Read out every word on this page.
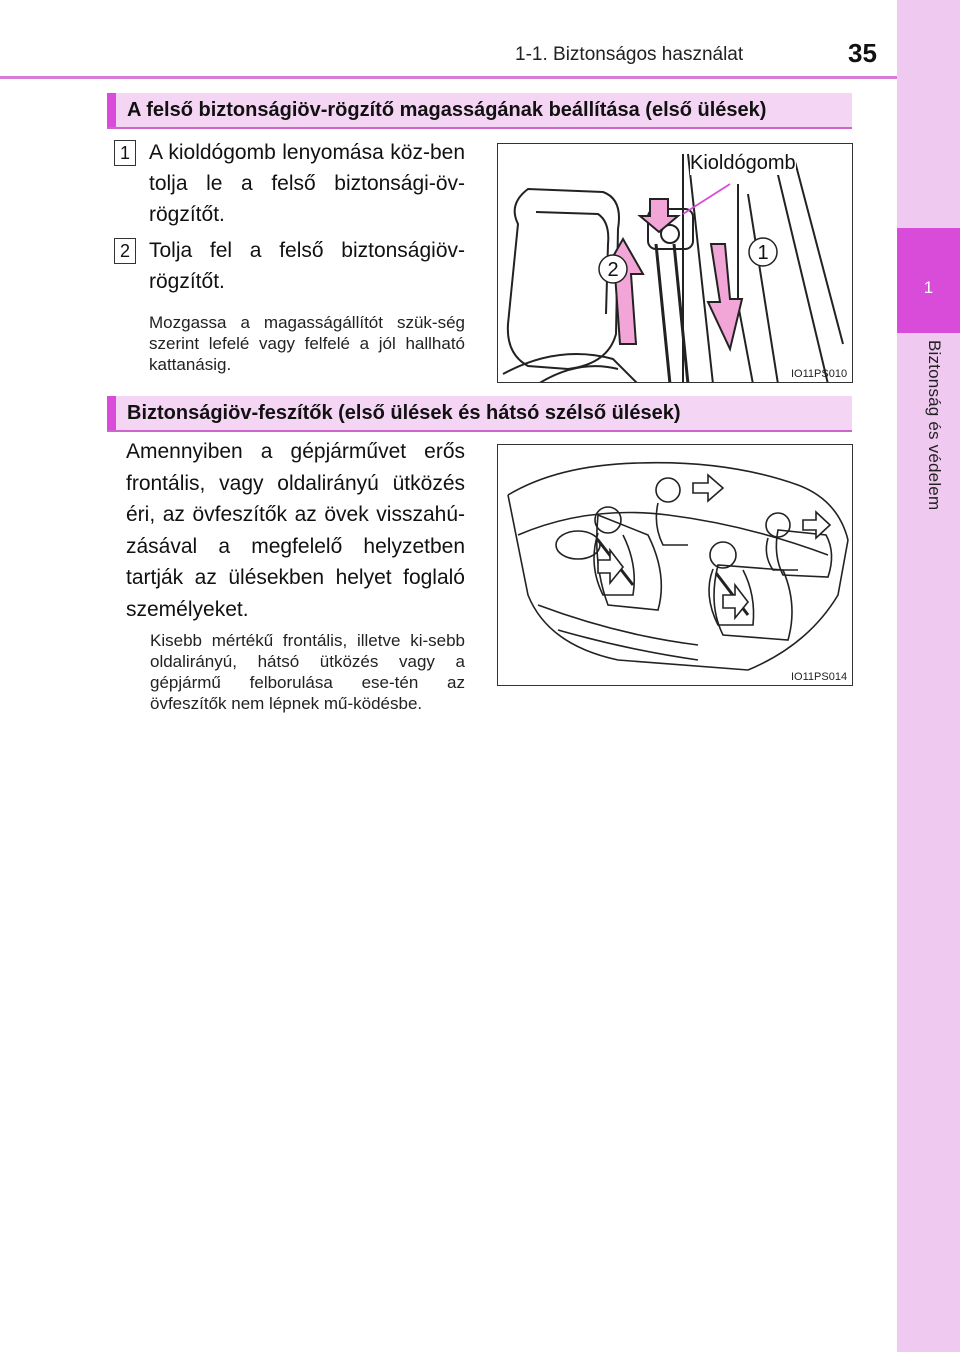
1
Biztonság és védelem
1-1. Biztonságos használat	35
A felső biztonságiöv-rögzítő magasságának beállítása (első ülések)
1 A kioldógomb lenyomása köz-ben tolja le a felső biztonsági-öv-rögzítőt.
2 Tolja fel a felső biztonságiöv-rögzítőt.
Mozgassa a magasságállítót szük-ség szerint lefelé vagy felfelé a jól hallható kattanásig.
1
2
Kioldógomb
IO11PS010
Biztonságiöv-feszítők (első ülések és hátsó szélső ülések)
Amennyiben a gépjárművet erős frontális, vagy oldalirányú ütközés éri, az övfeszítők az övek visszahú-zásával a megfelelő helyzetben tartják az ülésekben helyet foglaló személyeket.
Kisebb mértékű frontális, illetve ki-sebb oldalirányú, hátsó ütközés vagy a gépjármű felborulása ese-tén az övfeszítők nem lépnek mű-ködésbe.
IO11PS014
